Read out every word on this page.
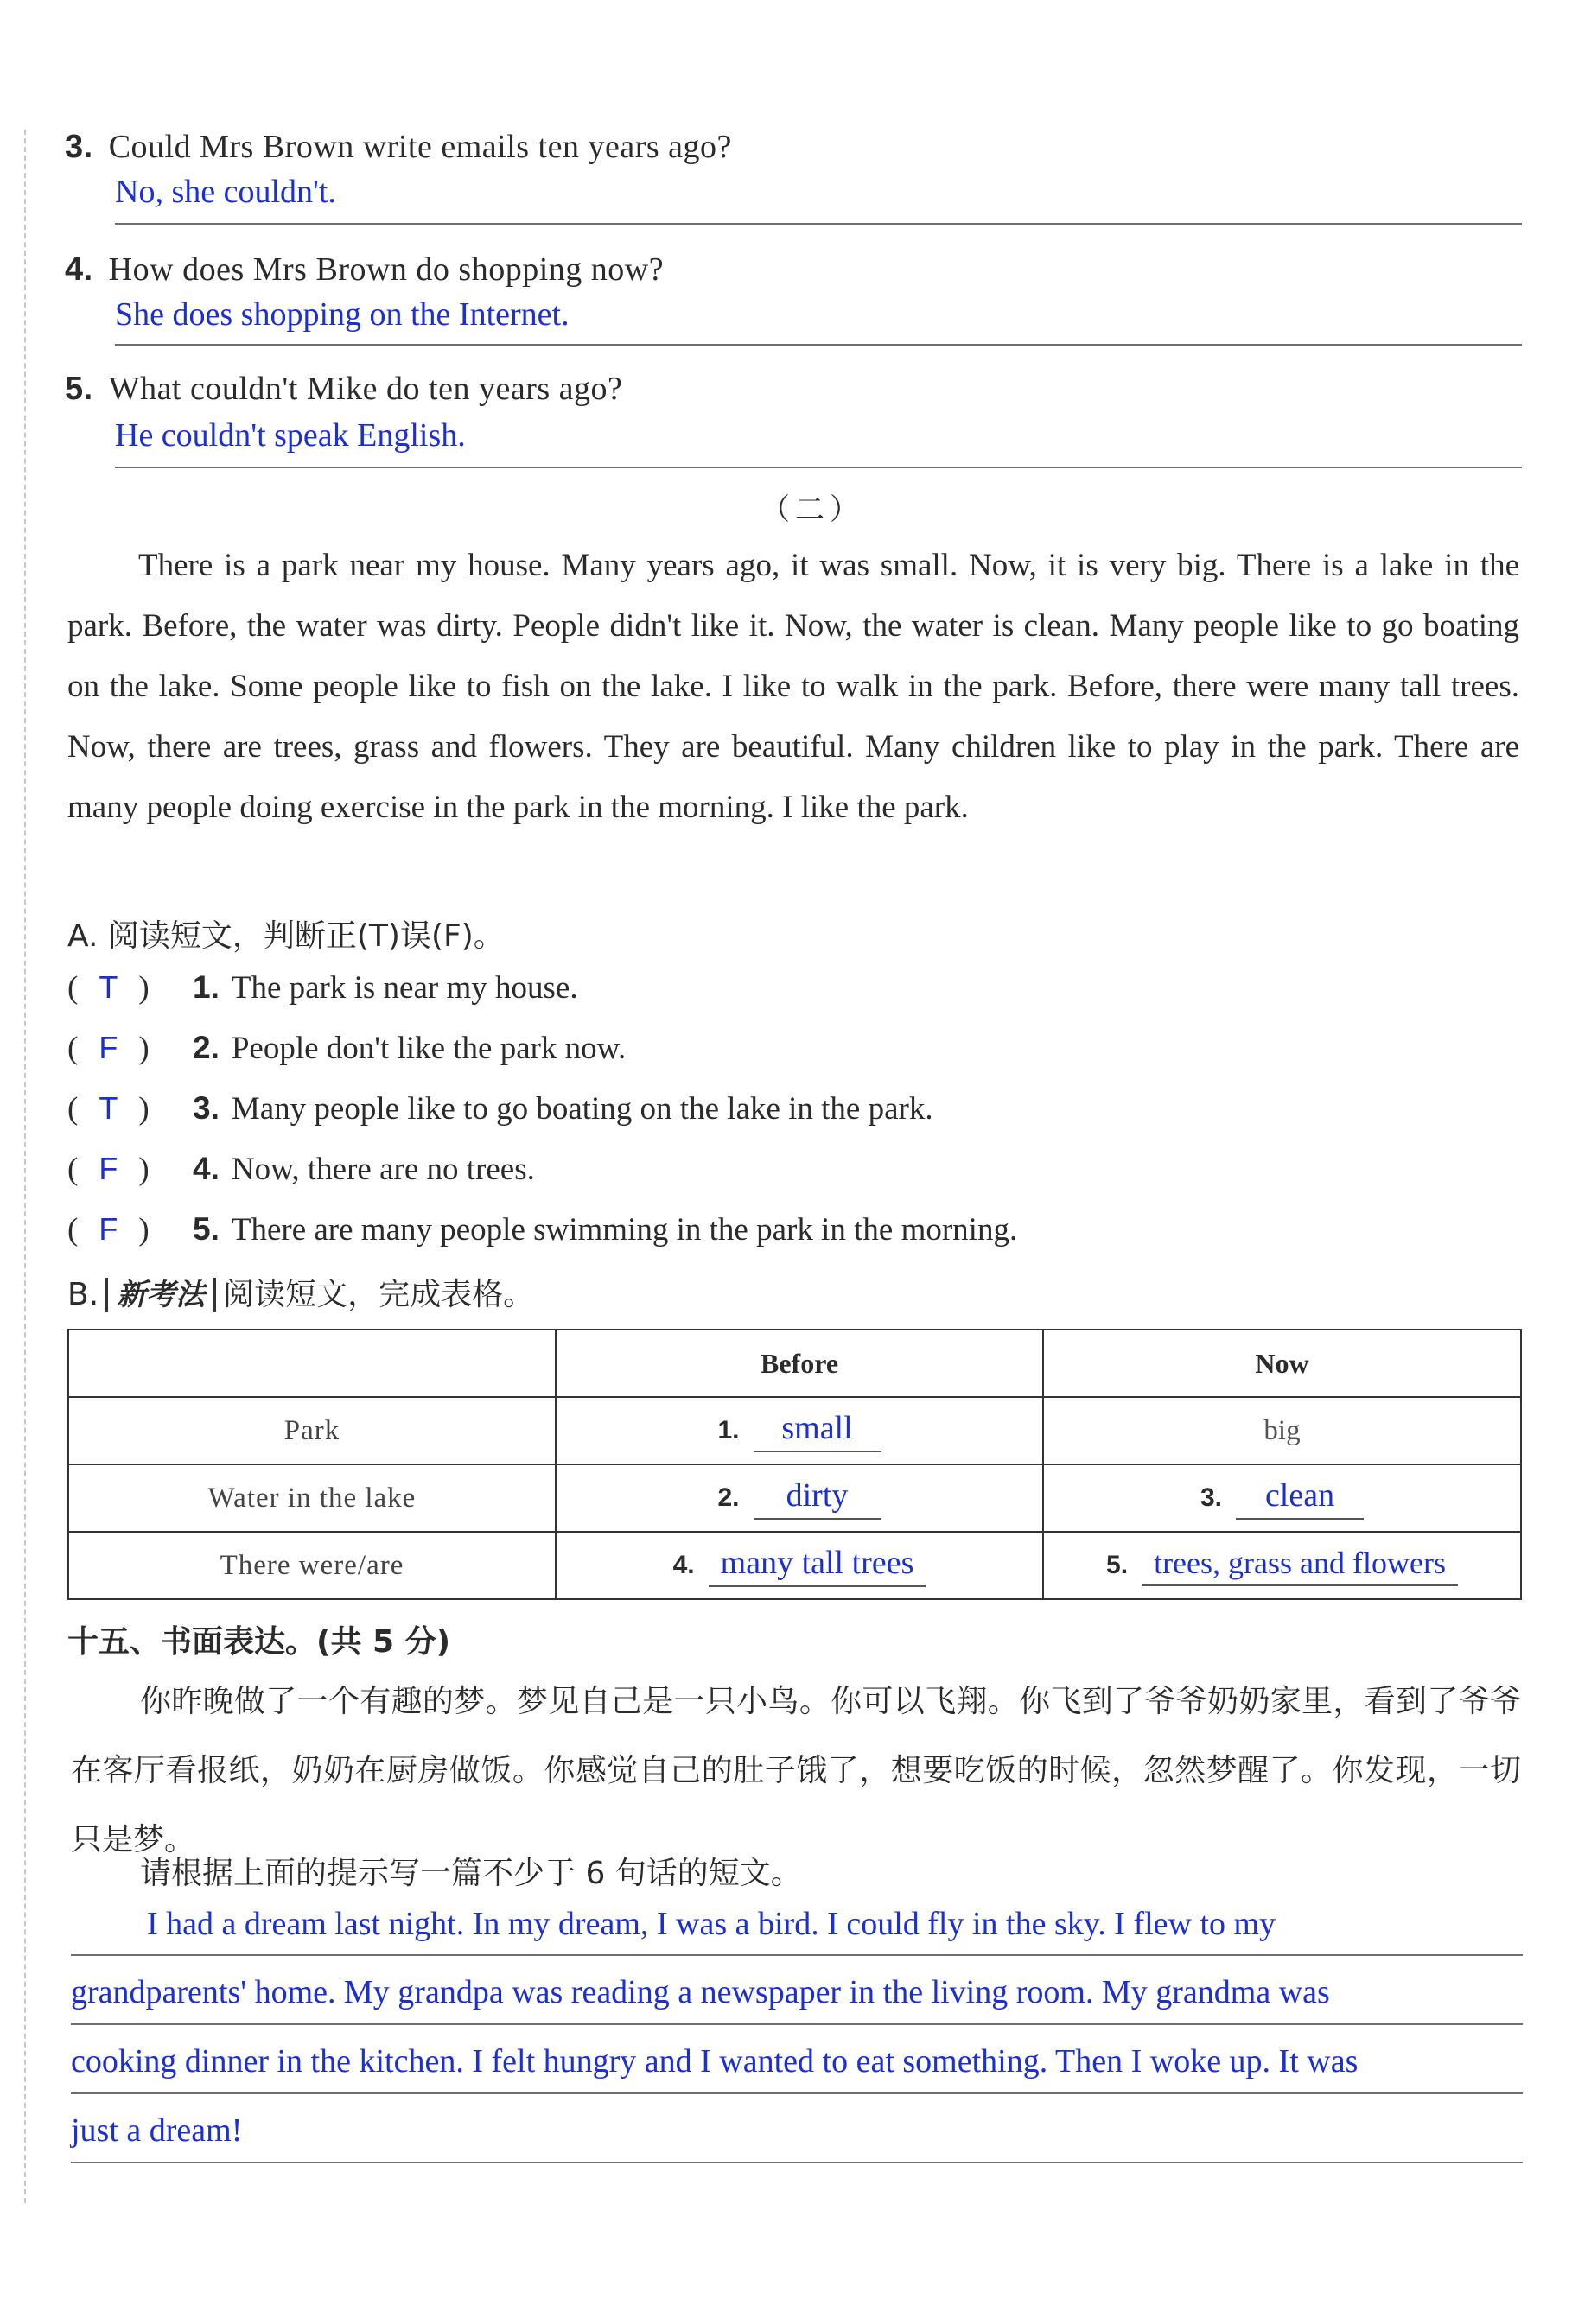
3. Could Mrs Brown write emails ten years ago?
No, she couldn't.
4. How does Mrs Brown do shopping now?
She does shopping on the Internet.
5. What couldn't Mike do ten years ago?
He couldn't speak English.
（二）
There is a park near my house. Many years ago, it was small. Now, it is very big. There is a lake in the park. Before, the water was dirty. People didn't like it. Now, the water is clean. Many people like to go boating on the lake. Some people like to fish on the lake. I like to walk in the park. Before, there were many tall trees. Now, there are trees, grass and flowers. They are beautiful. Many children like to play in the park. There are many people doing exercise in the park in the morning. I like the park.
A. 阅读短文，判断正(T)误(F)。
( T ) 1. The park is near my house.
( F ) 2. People don't like the park now.
( T ) 3. Many people like to go boating on the lake in the park.
( F ) 4. Now, there are no trees.
( F ) 5. There are many people swimming in the park in the morning.
B. 新考法 阅读短文，完成表格。
	Before	Now
Park	1. small	big
Water in the lake	2. dirty	3. clean
There were/are	4. many tall trees	5. trees, grass and flowers
十五、书面表达。(共 5 分)
你昨晚做了一个有趣的梦。梦见自己是一只小鸟。你可以飞翔。你飞到了爷爷奶奶家里，看到了爷爷在客厅看报纸，奶奶在厨房做饭。你感觉自己的肚子饿了，想要吃饭的时候，忽然梦醒了。你发现，一切只是梦。
请根据上面的提示写一篇不少于 6 句话的短文。
I had a dream last night. In my dream, I was a bird. I could fly in the sky. I flew to my
grandparents' home. My grandpa was reading a newspaper in the living room. My grandma was
cooking dinner in the kitchen. I felt hungry and I wanted to eat something. Then I woke up. It was
just a dream!
